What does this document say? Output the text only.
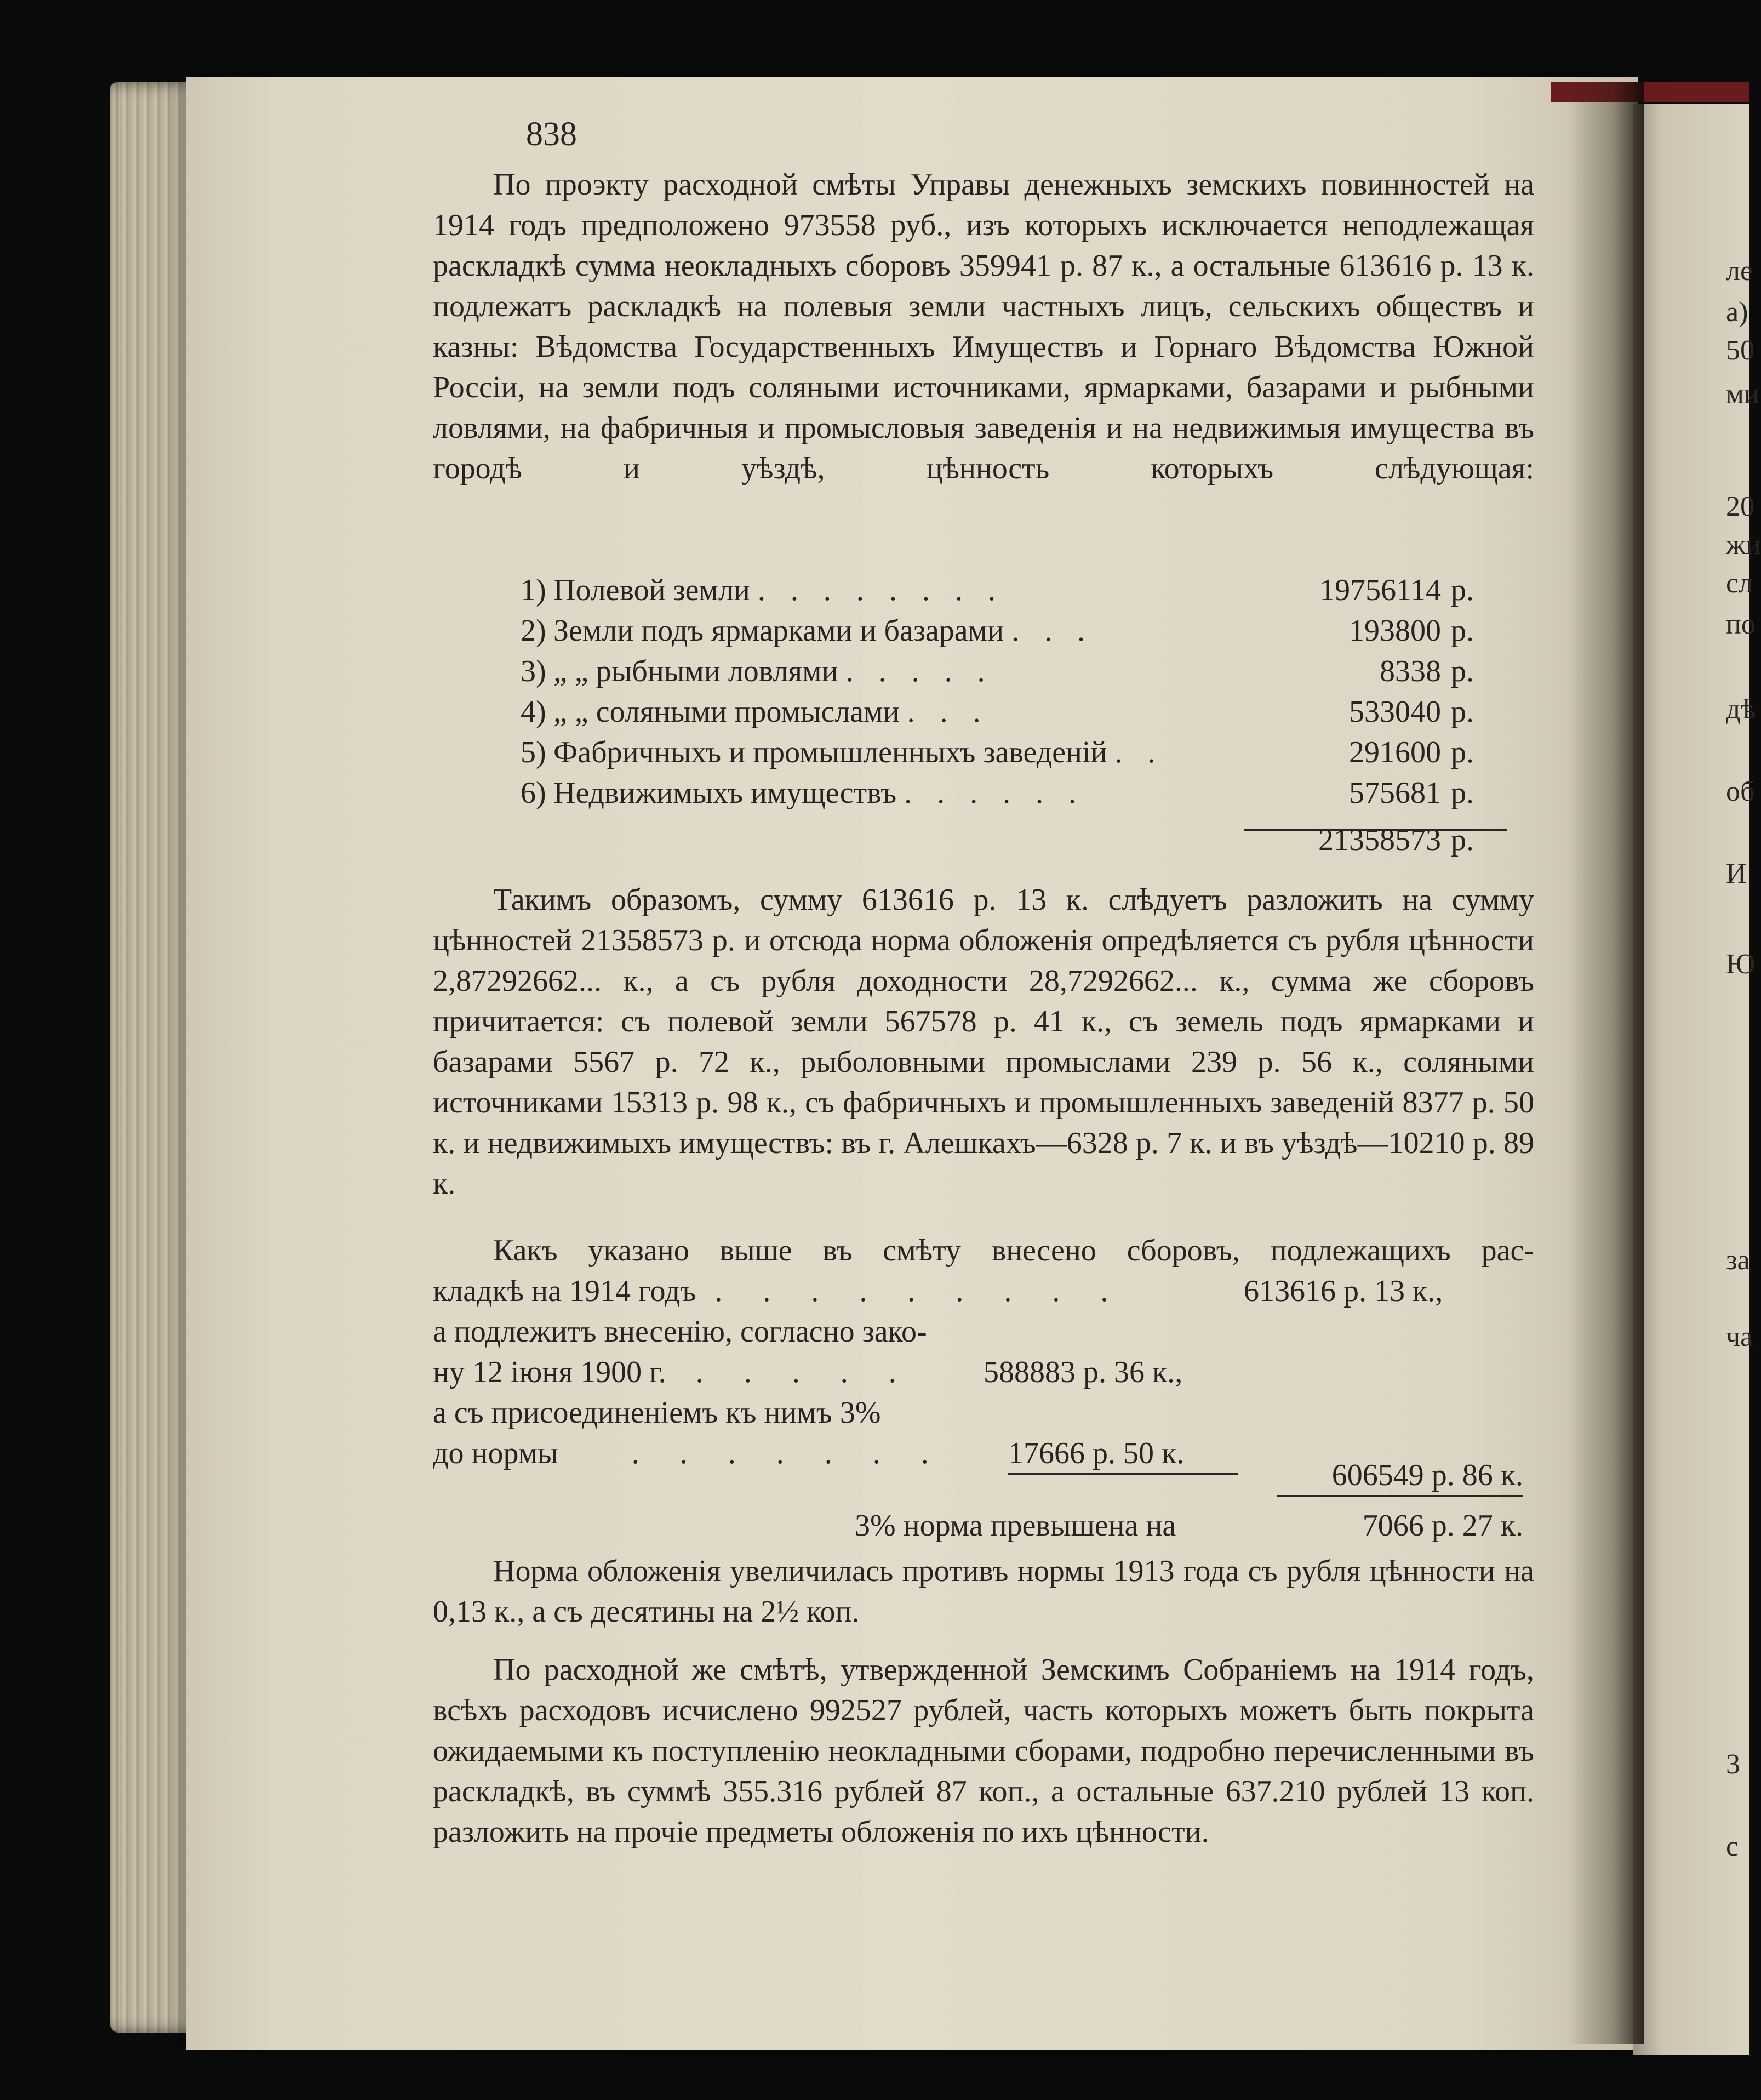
ле
а)
50
ми
20
жи
сл
по
дѣ
об
И
Ю
за
ча
3
с
838

По проэкту расходной смѣты Управы денежныхъ земскихъ повинностей на 1914 годъ предположено 973558 руб., изъ которыхъ исключается неподлежащая раскладкѣ сумма неокладныхъ сборовъ 359941 р. 87 к., а остальные 613616 р. 13 к. подлежатъ раскладкѣ на полевыя земли частныхъ лицъ, сельскихъ обществъ и казны: Вѣдомства Государственныхъ Имуществъ и Горнаго Вѣдомства Южной Россіи, на земли подъ соляными источниками, ярмарками, базарами и рыбными ловлями, на фабричныя и промысловыя заведенія и на недвижимыя имущества въ городѣ и уѣздѣ, цѣнность которыхъ слѣдующая:

1) Полевой земли . . . . . . . .	19756114 р.
2) Земли подъ ярмарками и базарами . . .	193800 р.
3) „ „ рыбными ловлями . . . . .	8338 р.
4) „ „ соляными промыслами . . .	533040 р.
5) Фабричныхъ и промышленныхъ заведеній . .	291600 р.
6) Недвижимыхъ имуществъ . . . . . .	575681 р.
21358573 р.

Такимъ образомъ, сумму 613616 р. 13 к. слѣдуетъ разложить на сумму цѣнностей 21358573 р. и отсюда норма обложенія опредѣляется съ рубля цѣнности 2,87292662... к., а съ рубля доходности 28,7292662... к., сумма же сборовъ причитается: съ полевой земли 567578 р. 41 к., съ земель подъ ярмарками и базарами 5567 р. 72 к., рыболовными промыслами 239 р. 56 к., соляными источниками 15313 р. 98 к., съ фабричныхъ и промышленныхъ заведеній 8377 р. 50 к. и недвижимыхъ имуществъ: въ г. Алешкахъ—6328 р. 7 к. и въ уѣздѣ—10210 р. 89 к.

Какъ указано выше въ смѣту внесено сборовъ, подлежащихъ рас-
кладкѣ на 1914 годъ . . . . . . . . .	613616 р. 13 к.,
а подлежитъ внесенію, согласно зако-
ну 12 іюня 1900 г. . . . . . 588883 р. 36 к.,
а съ присоединеніемъ къ нимъ 3%
до нормы . . . . . . . 17666 р. 50 к.
606549 р. 86 к.
3% норма превышена на	7066 р. 27 к.

Норма обложенія увеличилась противъ нормы 1913 года съ рубля цѣнности на 0,13 к., а съ десятины на 2½ коп.

По расходной же смѣтѣ, утвержденной Земскимъ Собраніемъ на 1914 годъ, всѣхъ расходовъ исчислено 992527 рублей, часть которыхъ можетъ быть покрыта ожидаемыми къ поступленію неокладными сборами, подробно перечисленными въ раскладкѣ, въ суммѣ 355.316 рублей 87 коп., а остальные 637.210 рублей 13 коп. разложить на прочіе предметы обложенія по ихъ цѣнности.
